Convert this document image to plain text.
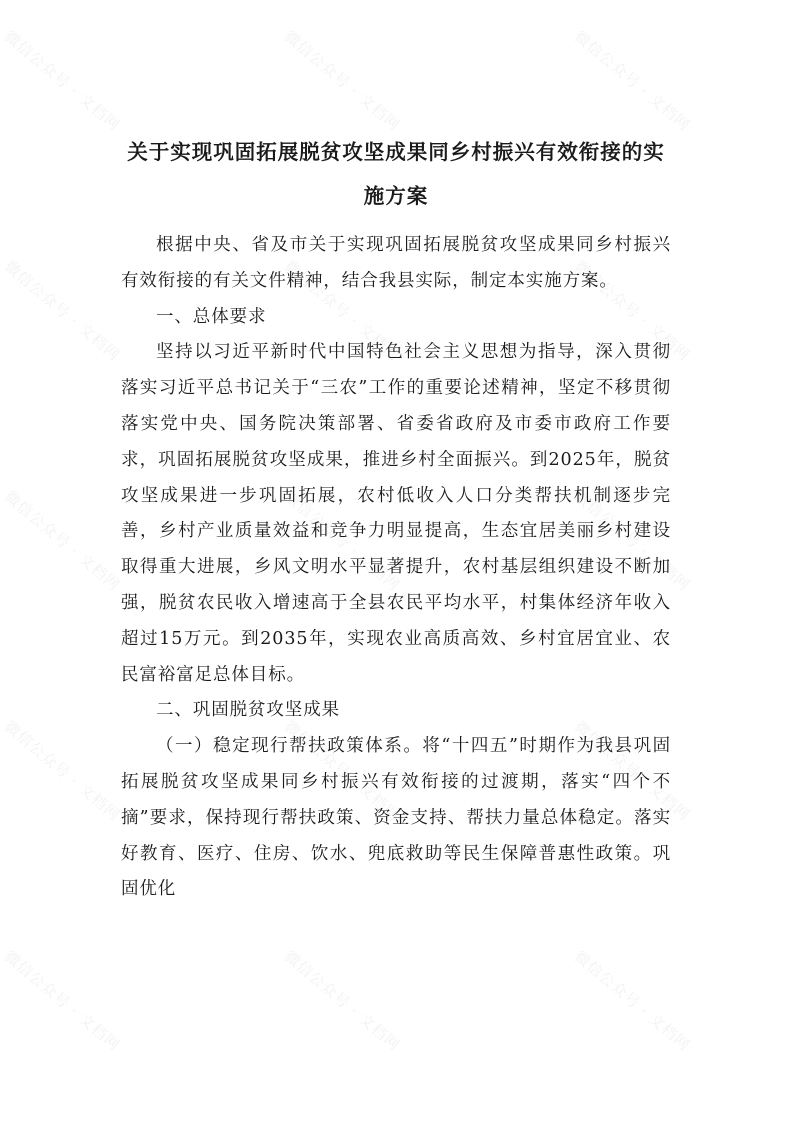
微信公众号 · 文档网	微信公众号 · 文档网	微信公众号 · 文档网
微信公众号 · 文档网	微信公众号 · 文档网	微信公众号 · 文档网
微信公众号 · 文档网	微信公众号 · 文档网	微信公众号 · 文档网
微信公众号 · 文档网	微信公众号 · 文档网	微信公众号 · 文档网
微信公众号 · 文档网	微信公众号 · 文档网	微信公众号 · 文档网
关于实现巩固拓展脱贫攻坚成果同乡村振兴有效衔接的实
施方案

根据中央、省及市关于实现巩固拓展脱贫攻坚成果同乡村振兴有效衔接的有关文件精神，结合我县实际，制定本实施方案。

一、总体要求

坚持以习近平新时代中国特色社会主义思想为指导，深入贯彻落实习近平总书记关于“三农”工作的重要论述精神，坚定不移贯彻落实党中央、国务院决策部署、省委省政府及市委市政府工作要求，巩固拓展脱贫攻坚成果，推进乡村全面振兴。到2025年，脱贫攻坚成果进一步巩固拓展，农村低收入人口分类帮扶机制逐步完善，乡村产业质量效益和竞争力明显提高，生态宜居美丽乡村建设取得重大进展，乡风文明水平显著提升，农村基层组织建设不断加强，脱贫农民收入增速高于全县农民平均水平，村集体经济年收入超过15万元。到2035年，实现农业高质高效、乡村宜居宜业、农民富裕富足总体目标。

二、巩固脱贫攻坚成果

（一）稳定现行帮扶政策体系。将“十四五”时期作为我县巩固拓展脱贫攻坚成果同乡村振兴有效衔接的过渡期，落实“四个不摘”要求，保持现行帮扶政策、资金支持、帮扶力量总体稳定。落实好教育、医疗、住房、饮水、兜底救助等民生保障普惠性政策。巩固优化
